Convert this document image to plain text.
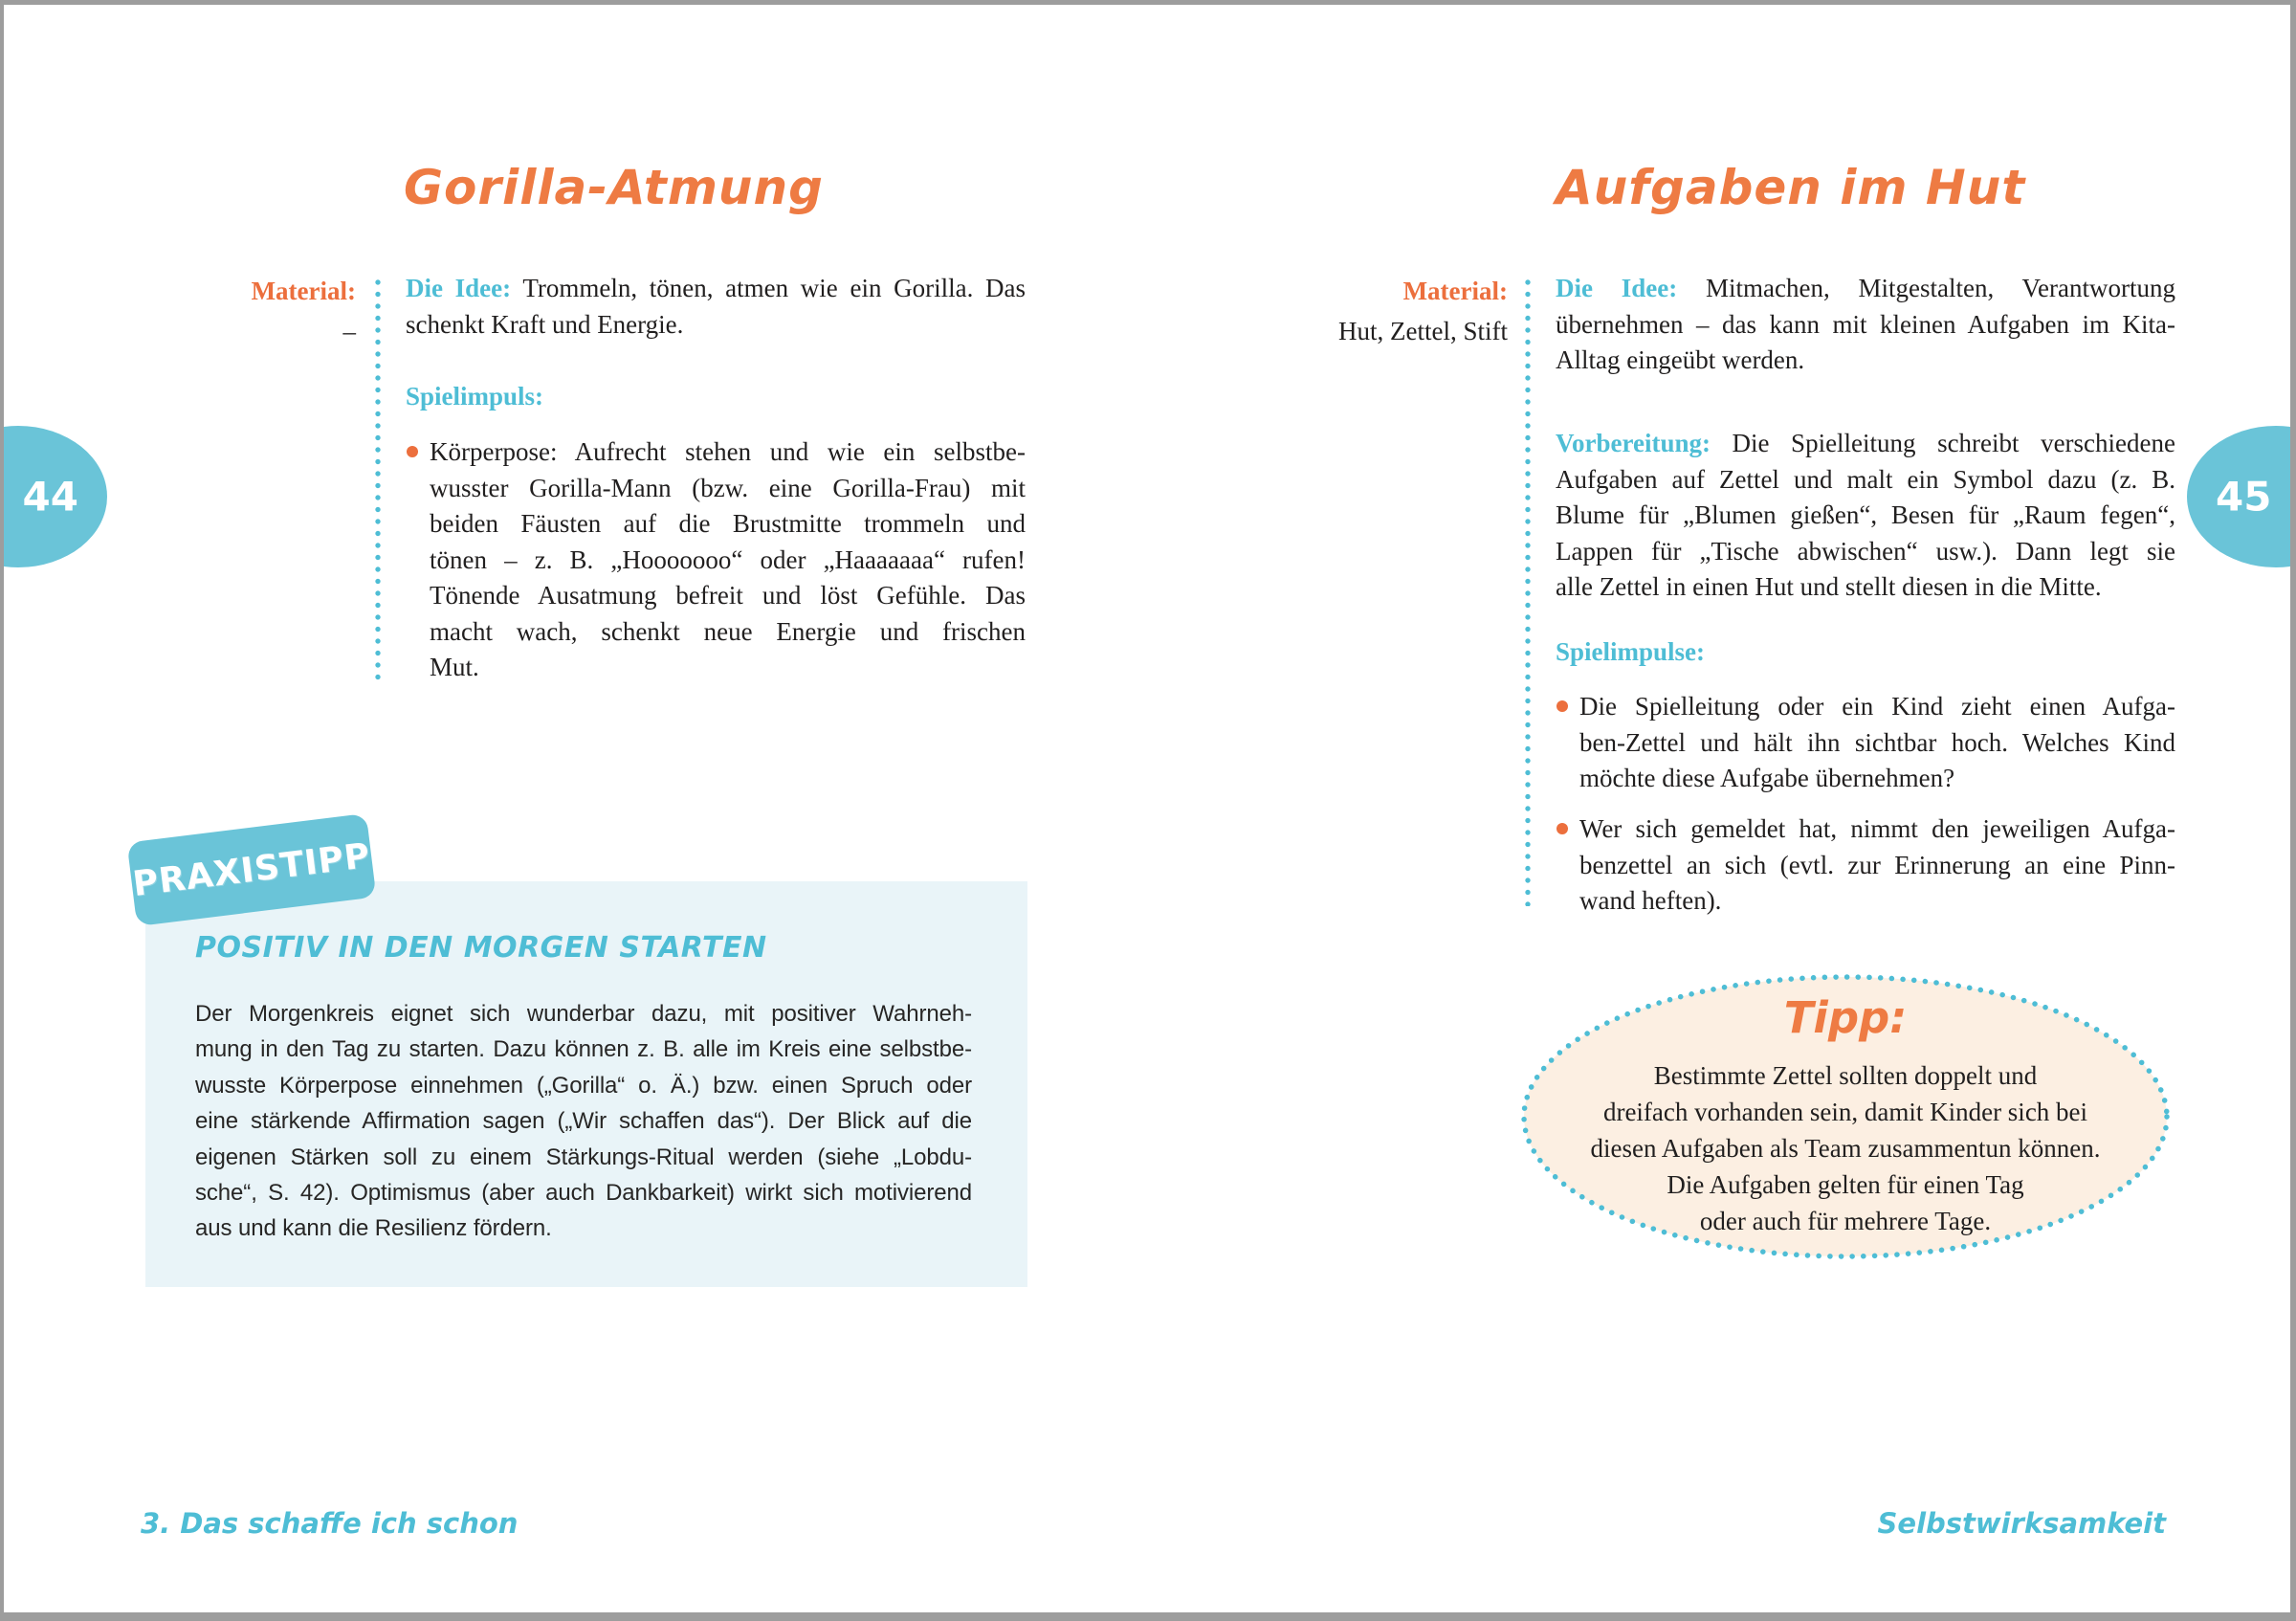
Gorilla-Atmung
Material:
–
Die Idee: Trommeln, tönen, atmen wie ein Gorilla. Das
schenkt Kraft und Energie.
Spielimpuls:
Körperpose: Aufrecht stehen und wie ein selbstbe-
wusster Gorilla-Mann (bzw. eine Gorilla-Frau) mit
beiden Fäusten auf die Brustmitte trommeln und
tönen – z. B. „Hooooooo“ oder „Haaaaaaa“ rufen!
Tönende Ausatmung befreit und löst Gefühle. Das
macht wach, schenkt neue Energie und frischen
Mut.
PRAXISTIPP
POSITIV IN DEN MORGEN STARTEN
Der Morgenkreis eignet sich wunderbar dazu, mit positiver Wahrneh-
mung in den Tag zu starten. Dazu können z. B. alle im Kreis eine selbstbe-
wusste Körperpose einnehmen („Gorilla“ o. Ä.) bzw. einen Spruch oder
eine stärkende Affirmation sagen („Wir schaffen das“). Der Blick auf die
eigenen Stärken soll zu einem Stärkungs-Ritual werden (siehe „Lobdu-
sche“, S. 42). Optimismus (aber auch Dankbarkeit) wirkt sich motivierend
aus und kann die Resilienz fördern.
3. Das schaffe ich schon
44
Aufgaben im Hut
Material:
Hut, Zettel, Stift
Die Idee: Mitmachen, Mitgestalten, Verantwortung
übernehmen – das kann mit kleinen Aufgaben im Kita-
Alltag eingeübt werden.
Vorbereitung: Die Spielleitung schreibt verschiedene
Aufgaben auf Zettel und malt ein Symbol dazu (z. B.
Blume für „Blumen gießen“, Besen für „Raum fegen“,
Lappen für „Tische abwischen“ usw.). Dann legt sie
alle Zettel in einen Hut und stellt diesen in die Mitte.
Spielimpulse:
Die Spielleitung oder ein Kind zieht einen Aufga-
ben-Zettel und hält ihn sichtbar hoch. Welches Kind
möchte diese Aufgabe übernehmen?
Wer sich gemeldet hat, nimmt den jeweiligen Aufga-
benzettel an sich (evtl. zur Erinnerung an eine Pinn-
wand heften).
Tipp:
Bestimmte Zettel sollten doppelt und
dreifach vorhanden sein, damit Kinder sich bei
diesen Aufgaben als Team zusammentun können.
Die Aufgaben gelten für einen Tag
oder auch für mehrere Tage.
Selbstwirksamkeit
45
